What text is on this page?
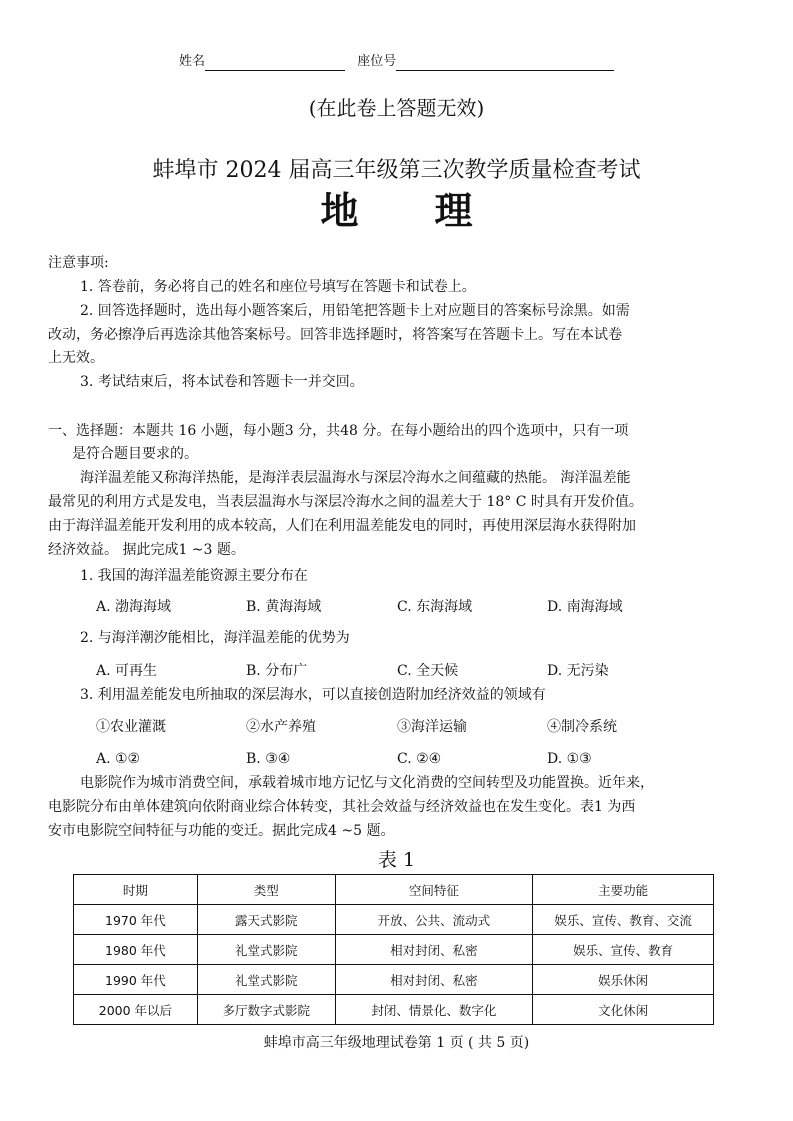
姓名	座位号
(在此卷上答题无效)
蚌埠市 2024 届高三年级第三次教学质量检查考试
地　　理
注意事项:
1. 答卷前，务必将自己的姓名和座位号填写在答题卡和试卷上。
2. 回答选择题时，选出每小题答案后，用铅笔把答题卡上对应题目的答案标号涂黑。如需
改动，务必擦净后再选涂其他答案标号。回答非选择题时，将答案写在答题卡上。写在本试卷
上无效。
3. 考试结束后，将本试卷和答题卡一并交回。
一、选择题：本题共 16 小题，每小题3 分，共48 分。在每小题给出的四个选项中，只有一项
是符合题目要求的。
海洋温差能又称海洋热能，是海洋表层温海水与深层冷海水之间蕴藏的热能。 海洋温差能
最常见的利用方式是发电，当表层温海水与深层冷海水之间的温差大于 18° C 时具有开发价值。
由于海洋温差能开发利用的成本较高，人们在利用温差能发电的同时，再使用深层海水获得附加
经济效益。 据此完成1 ~3 题。
1. 我国的海洋温差能资源主要分布在
A. 渤海海域	B. 黄海海域	C. 东海海域	D. 南海海域
2. 与海洋潮汐能相比，海洋温差能的优势为
A. 可再生	B. 分布广	C. 全天候	D. 无污染
3. 利用温差能发电所抽取的深层海水，可以直接创造附加经济效益的领域有
①农业灌溉	②水产养殖	③海洋运输	④制冷系统
A. ①②	B. ③④	C. ②④	D. ①③
电影院作为城市消费空间，承载着城市地方记忆与文化消费的空间转型及功能置换。近年来，
电影院分布由单体建筑向依附商业综合体转变，其社会效益与经济效益也在发生变化。表1 为西
安市电影院空间特征与功能的变迁。据此完成4 ~5 题。
表 1
时期	类型	空间特征	主要功能
1970 年代	露天式影院	开放、公共、流动式	娱乐、宣传、教育、交流
1980 年代	礼堂式影院	相对封闭、私密	娱乐、宣传、教育
1990 年代	礼堂式影院	相对封闭、私密	娱乐休闲
2000 年以后	多厅数字式影院	封闭、情景化、数字化	文化休闲
蚌埠市高三年级地理试卷第 1 页 ( 共 5 页)
